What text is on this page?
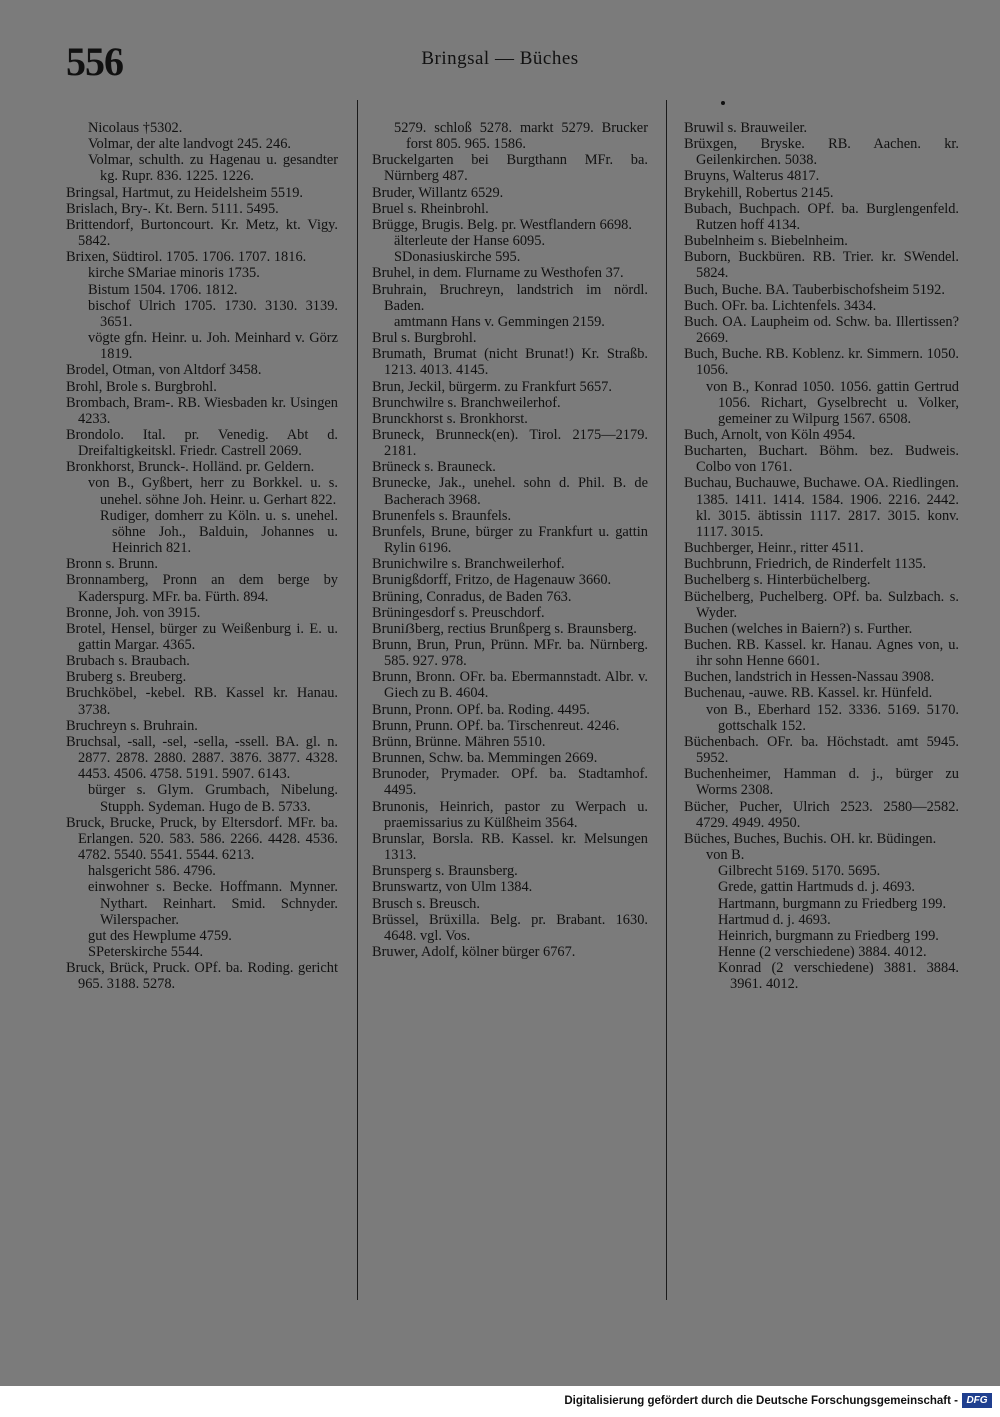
556	Bringsal — Büches
Nicolaus †5302.
Volmar, der alte landvogt 245. 246.
Volmar, schulth. zu Hagenau u. gesandter kg. Rupr. 836. 1225. 1226.
Bringsal, Hartmut, zu Heidelsheim 5519.
Brislach, Bry-. Kt. Bern. 5111. 5495.
Brittendorf, Burtoncourt. Kr. Metz, kt. Vigy. 5842.
Brixen, Südtirol. 1705. 1706. 1707. 1816.
kirche SMariae minoris 1735.
Bistum 1504. 1706. 1812.
bischof Ulrich 1705. 1730. 3130. 3139. 3651.
vögte gfn. Heinr. u. Joh. Meinhard v. Görz 1819.
Brodel, Otman, von Altdorf 3458.
Brohl, Brole s. Burgbrohl.
Brombach, Bram-. RB. Wiesbaden kr. Usingen 4233.
Brondolo. Ital. pr. Venedig. Abt d. Dreifaltigkeitskl. Friedr. Castrell 2069.
Bronkhorst, Brunck-. Holländ. pr. Geldern.
von B., Gyßbert, herr zu Borkkel. u. s. unehel. söhne Joh. Heinr. u. Gerhart 822.
Rudiger, domherr zu Köln. u. s. unehel. söhne Joh., Balduin, Johannes u. Heinrich 821.
Bronn s. Brunn.
Bronnamberg, Pronn an dem berge by Kaderspurg. MFr. ba. Fürth. 894.
Bronne, Joh. von 3915.
Brotel, Hensel, bürger zu Weißenburg i. E. u. gattin Margar. 4365.
Brubach s. Braubach.
Bruberg s. Breuberg.
Bruchköbel, -kebel. RB. Kassel kr. Hanau. 3738.
Bruchreyn s. Bruhrain.
Bruchsal, -sall, -sel, -sella, -ssell. BA. gl. n. 2877. 2878. 2880. 2887. 3876. 3877. 4328. 4453. 4506. 4758. 5191. 5907. 6143.
bürger s. Glym. Grumbach, Nibelung. Stupph. Sydeman. Hugo de B. 5733.
Bruck, Brucke, Pruck, by Eltersdorf. MFr. ba. Erlangen. 520. 583. 586. 2266. 4428. 4536. 4782. 5540. 5541. 5544. 6213.
halsgericht 586. 4796.
einwohner s. Becke. Hoffmann. Mynner. Nythart. Reinhart. Smid. Schnyder. Wilerspacher.
gut des Hewplume 4759.
SPeterskirche 5544.
Bruck, Brück, Pruck. OPf. ba. Roding. gericht 965. 3188. 5278.
5279. schloß 5278. markt 5279. Brucker forst 805. 965. 1586.
Bruckelgarten bei Burgthann MFr. ba. Nürnberg 487.
Bruder, Willantz 6529.
Bruel s. Rheinbrohl.
Brügge, Brugis. Belg. pr. Westflandern 6698.
älterleute der Hanse 6095.
SDonasiuskirche 595.
Bruhel, in dem. Flurname zu Westhofen 37.
Bruhrain, Bruchreyn, landstrich im nördl. Baden.
amtmann Hans v. Gemmingen 2159.
Brul s. Burgbrohl.
Brumath, Brumat (nicht Brunat!) Kr. Straßb. 1213. 4013. 4145.
Brun, Jeckil, bürgerm. zu Frankfurt 5657.
Brunchwilre s. Branchweilerhof.
Brunckhorst s. Bronkhorst.
Bruneck, Brunneck(en). Tirol. 2175—2179. 2181.
Brüneck s. Brauneck.
Brunecke, Jak., unehel. sohn d. Phil. B. de Bacherach 3968.
Brunenfels s. Braunfels.
Brunfels, Brune, bürger zu Frankfurt u. gattin Rylin 6196.
Brunichwilre s. Branchweilerhof.
Brunigßdorff, Fritzo, de Hagenauw 3660.
Brüning, Conradus, de Baden 763.
Brüningesdorf s. Preuschdorf.
Bruniẞberg, rectius Brunßperg s. Braunsberg.
Brunn, Brun, Prun, Prünn. MFr. ba. Nürnberg. 585. 927. 978.
Brunn, Bronn. OFr. ba. Ebermannstadt. Albr. v. Giech zu B. 4604.
Brunn, Pronn. OPf. ba. Roding. 4495.
Brunn, Prunn. OPf. ba. Tirschenreut. 4246.
Brünn, Brünne. Mähren 5510.
Brunnen, Schw. ba. Memmingen 2669.
Brunoder, Prymader. OPf. ba. Stadtamhof. 4495.
Brunonis, Heinrich, pastor zu Werpach u. praemissarius zu Külßheim 3564.
Brunslar, Borsla. RB. Kassel. kr. Melsungen 1313.
Brunsperg s. Braunsberg.
Brunswartz, von Ulm 1384.
Brusch s. Breusch.
Brüssel, Brüxilla. Belg. pr. Brabant. 1630. 4648. vgl. Vos.
Bruwer, Adolf, kölner bürger 6767.
Bruwil s. Brauweiler.
Brüxgen, Bryske. RB. Aachen. kr. Geilenkirchen. 5038.
Bruyns, Walterus 4817.
Brykehill, Robertus 2145.
Bubach, Buchpach. OPf. ba. Burglengenfeld. Rutzen hoff 4134.
Bubelnheim s. Biebelnheim.
Buborn, Buckbüren. RB. Trier. kr. SWendel. 5824.
Buch, Buche. BA. Tauberbischofsheim 5192.
Buch. OFr. ba. Lichtenfels. 3434.
Buch. OA. Laupheim od. Schw. ba. Illertissen? 2669.
Buch, Buche. RB. Koblenz. kr. Simmern. 1050. 1056.
von B., Konrad 1050. 1056. gattin Gertrud 1056. Richart, Gyselbrecht u. Volker, gemeiner zu Wilpurg 1567. 6508.
Buch, Arnolt, von Köln 4954.
Bucharten, Buchart. Böhm. bez. Budweis. Colbo von 1761.
Buchau, Buchauwe, Buchawe. OA. Riedlingen. 1385. 1411. 1414. 1584. 1906. 2216. 2442. kl. 3015. äbtissin 1117. 2817. 3015. konv. 1117. 3015.
Buchberger, Heinr., ritter 4511.
Buchbrunn, Friedrich, de Rinderfelt 1135.
Buchelberg s. Hinterbüchelberg.
Büchelberg, Puchelberg. OPf. ba. Sulzbach. s. Wyder.
Buchen (welches in Baiern?) s. Further.
Buchen. RB. Kassel. kr. Hanau. Agnes von, u. ihr sohn Henne 6601.
Buchen, landstrich in Hessen-Nassau 3908.
Buchenau, -auwe. RB. Kassel. kr. Hünfeld.
von B., Eberhard 152. 3336. 5169. 5170. gottschalk 152.
Büchenbach. OFr. ba. Höchstadt. amt 5945. 5952.
Buchenheimer, Hamman d. j., bürger zu Worms 2308.
Bücher, Pucher, Ulrich 2523. 2580—2582. 4729. 4949. 4950.
Büches, Buches, Buchis. OH. kr. Büdingen.
von B.
Gilbrecht 5169. 5170. 5695.
Grede, gattin Hartmuds d. j. 4693.
Hartmann, burgmann zu Friedberg 199.
Hartmud d. j. 4693.
Heinrich, burgmann zu Friedberg 199.
Henne (2 verschiedene) 3884. 4012.
Konrad (2 verschiedene) 3881. 3884. 3961. 4012.
Digitalisierung gefördert durch die Deutsche Forschungsgemeinschaft - DFG
